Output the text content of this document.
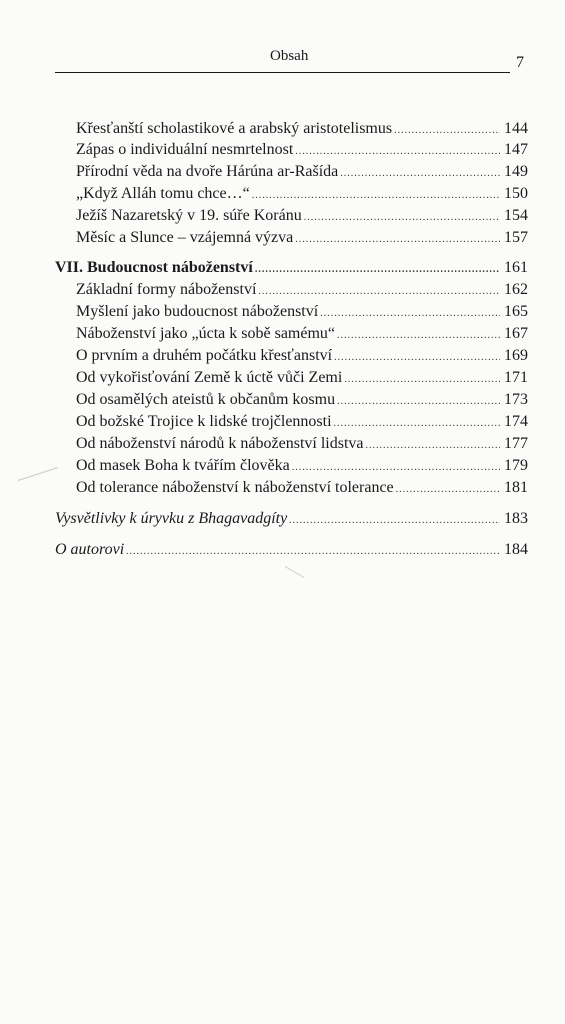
Obsah	7
Křesťanští scholastikové a arabský aristotelismus .....	144
Zápas o individuální nesmrtelnost .....	147
Přírodní věda na dvoře Hárúna ar-Rašída .....	149
„Když Alláh tomu chce…“ .....	150
Ježíš Nazaretský v 19. súře Koránu .....	154
Měsíc a Slunce – vzájemná výzva .....	157
VII. Budoucnost náboženství .....	161
Základní formy náboženství .....	162
Myšlení jako budoucnost náboženství .....	165
Náboženství jako „úcta k sobě samému“ .....	167
O prvním a druhém počátku křesťanství .....	169
Od vykořisťování Země k úctě vůči Zemi .....	171
Od osamělých ateistů k občanům kosmu .....	173
Od božské Trojice k lidské trojčlennosti .....	174
Od náboženství národů k náboženství lidstva .....	177
Od masek Boha k tvářím člověka .....	179
Od tolerance náboženství k náboženství tolerance .....	181
Vysvětlivky k úryvku z Bhagavadgíty .....	183
O autorovi .....	184
